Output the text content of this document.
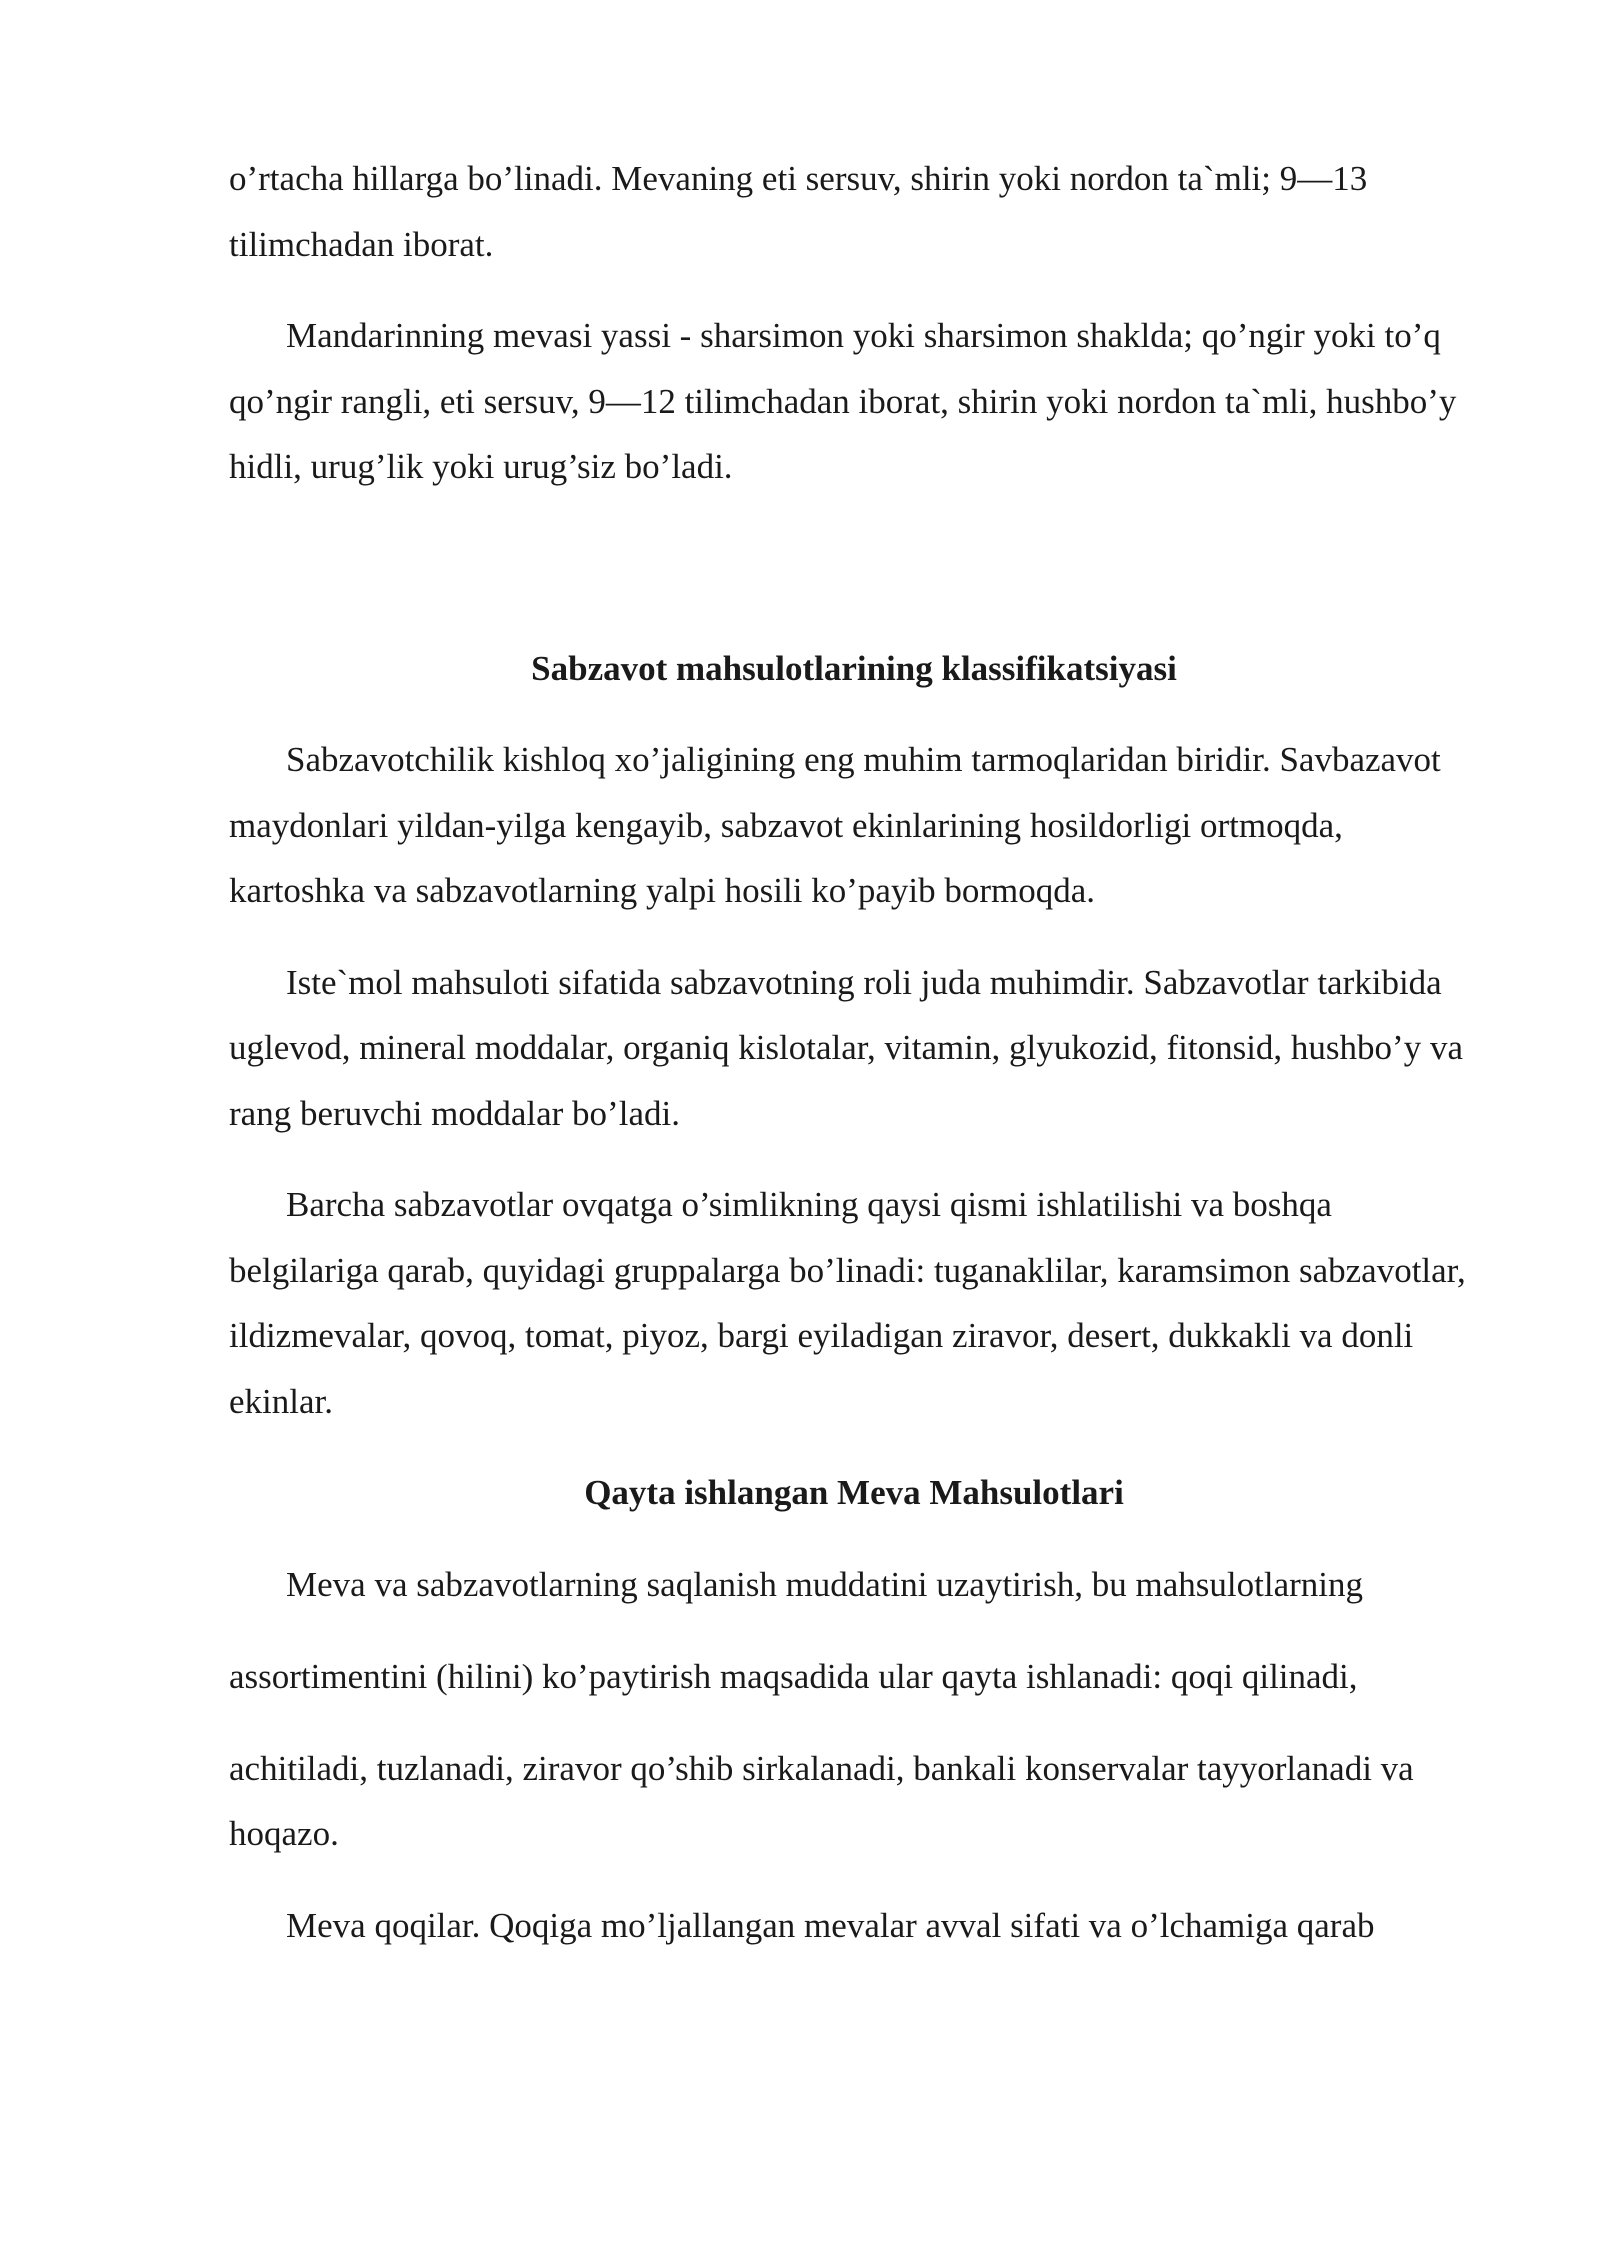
o’rtacha hillarga bo’linadi. Mevaning eti sersuv, shirin yoki nordon ta`mli; 9—13 tilimchadan iborat.

Mandarinning mevasi yassi - sharsimon yoki sharsimon shaklda; qo’ngir yoki to’q qo’ngir rangli, eti sersuv, 9—12 tilimchadan iborat, shirin yoki nordon ta`mli, hushbo’y hidli, urug’lik yoki urug’siz bo’ladi.

Sabzavot mahsulotlarining klassifikatsiyasi

Sabzavotchilik kishloq xo’jaligining eng muhim tarmoqlaridan biridir. Savbazavot maydonlari yildan-yilga kengayib, sabzavot ekinlarining hosildorligi ortmoqda, kartoshka va sabzavotlarning yalpi hosili ko’payib bormoqda.

Iste`mol mahsuloti sifatida sabzavotning roli juda muhimdir. Sabzavotlar tarkibida uglevod, mineral moddalar, organiq kislotalar, vitamin, glyukozid, fitonsid, hushbo’y va rang beruvchi moddalar bo’ladi.

Barcha sabzavotlar ovqatga o’simlikning qaysi qismi ishlatilishi va boshqa belgilariga qarab, quyidagi gruppalarga bo’linadi: tuganaklilar, karamsimon sabzavotlar, ildizmevalar, qovoq, tomat, piyoz, bargi eyiladigan ziravor, desert, dukkakli va donli ekinlar.

Qayta ishlangan Meva Mahsulotlari

Meva va sabzavotlarning saqlanish muddatini uzaytirish, bu mahsulotlarning

assortimentini (hilini) ko’paytirish maqsadida ular qayta ishlanadi: qoqi qilinadi,

achitiladi, tuzlanadi, ziravor qo’shib sirkalanadi, bankali konservalar tayyorlanadi va hoqazo.

Meva qoqilar. Qoqiga mo’ljallangan mevalar avval sifati va o’lchamiga qarab
